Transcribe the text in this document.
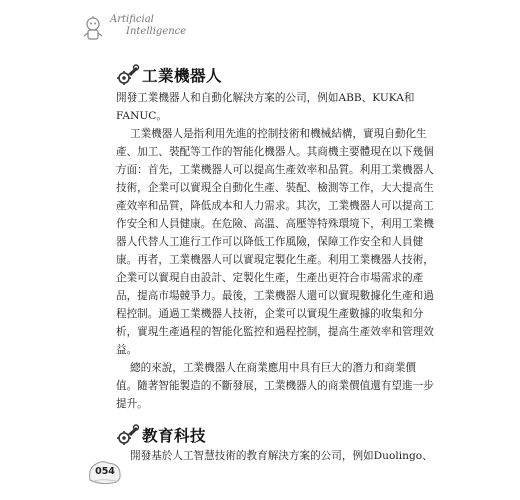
Artificial
Intelligence
工業機器人
開發工業機器人和自動化解決方案的公司，例如ABB、KUKA和
FANUC。
工業機器人是指利用先進的控制技術和機械結構，實現自動化生
產、加工、裝配等工作的智能化機器人。其商機主要體現在以下幾個
方面：首先，工業機器人可以提高生產效率和品質。利用工業機器人
技術，企業可以實現全自動化生產、裝配、檢測等工作，大大提高生
產效率和品質，降低成本和人力需求。其次，工業機器人可以提高工
作安全和人員健康。在危險、高溫、高壓等特殊環境下，利用工業機
器人代替人工進行工作可以降低工作風險，保障工作安全和人員健
康。再者，工業機器人可以實現定製化生產。利用工業機器人技術，
企業可以實現自由設計、定製化生產，生產出更符合市場需求的產
品，提高市場競爭力。最後，工業機器人還可以實現數據化生產和過
程控制。通過工業機器人技術，企業可以實現生產數據的收集和分
析，實現生產過程的智能化監控和過程控制，提高生產效率和管理效
益。
總的來說，工業機器人在商業應用中具有巨大的潛力和商業價
值。隨著智能製造的不斷發展，工業機器人的商業價值還有望進一步
提升。
教育科技
開發基於人工智慧技術的教育解決方案的公司，例如Duolingo、
054
